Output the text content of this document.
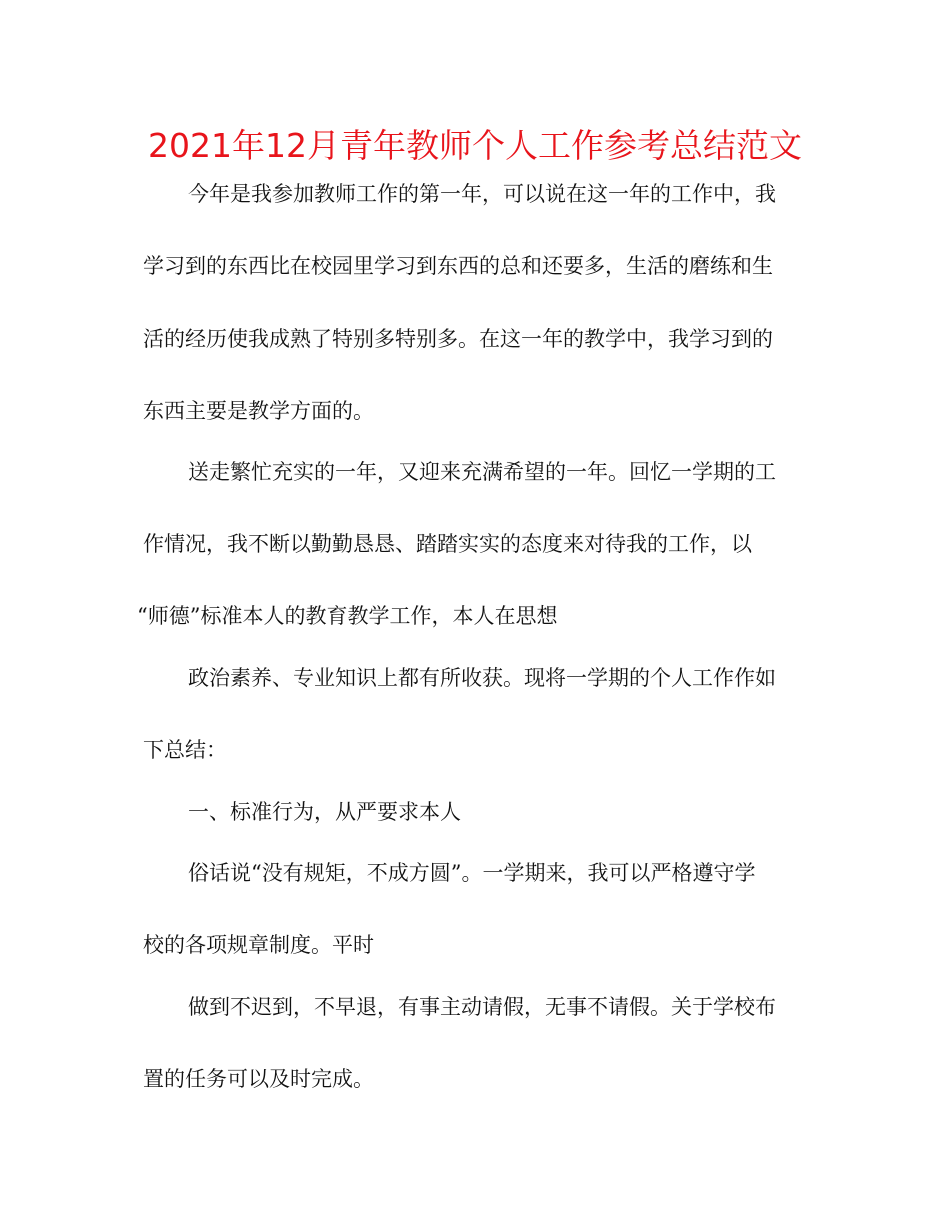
2021年12月青年教师个人工作参考总结范文
今年是我参加教师工作的第一年，可以说在这一年的工作中，我
学习到的东西比在校园里学习到东西的总和还要多，生活的磨练和生
活的经历使我成熟了特别多特别多。在这一年的教学中，我学习到的
东西主要是教学方面的。
送走繁忙充实的一年，又迎来充满希望的一年。回忆一学期的工
作情况，我不断以勤勤恳恳、踏踏实实的态度来对待我的工作，以
“师德”标准本人的教育教学工作，本人在思想
政治素养、专业知识上都有所收获。现将一学期的个人工作作如
下总结：
一、标准行为，从严要求本人
俗话说“没有规矩，不成方圆”。一学期来，我可以严格遵守学
校的各项规章制度。平时
做到不迟到，不早退，有事主动请假，无事不请假。关于学校布
置的任务可以及时完成。
